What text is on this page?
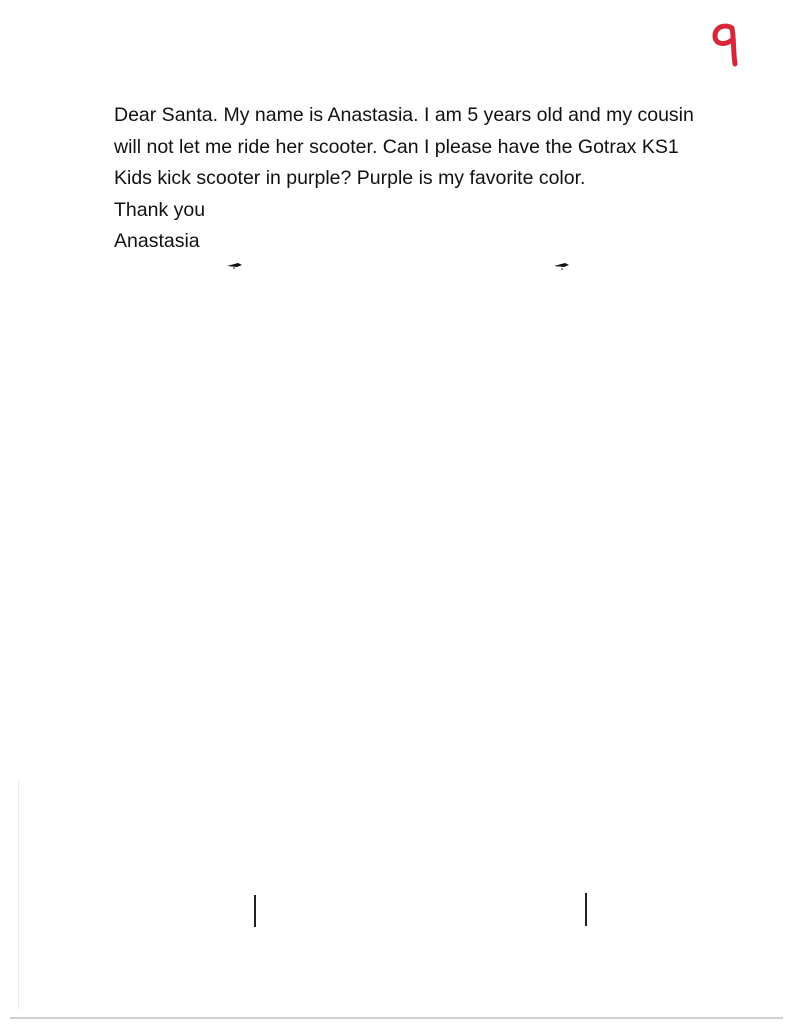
Dear Santa. My name is Anastasia. I am 5 years old and my cousin will not let me ride her scooter. Can I please have the Gotrax KS1 Kids kick scooter in purple? Purple is my favorite color.

Thank you

Anastasia
